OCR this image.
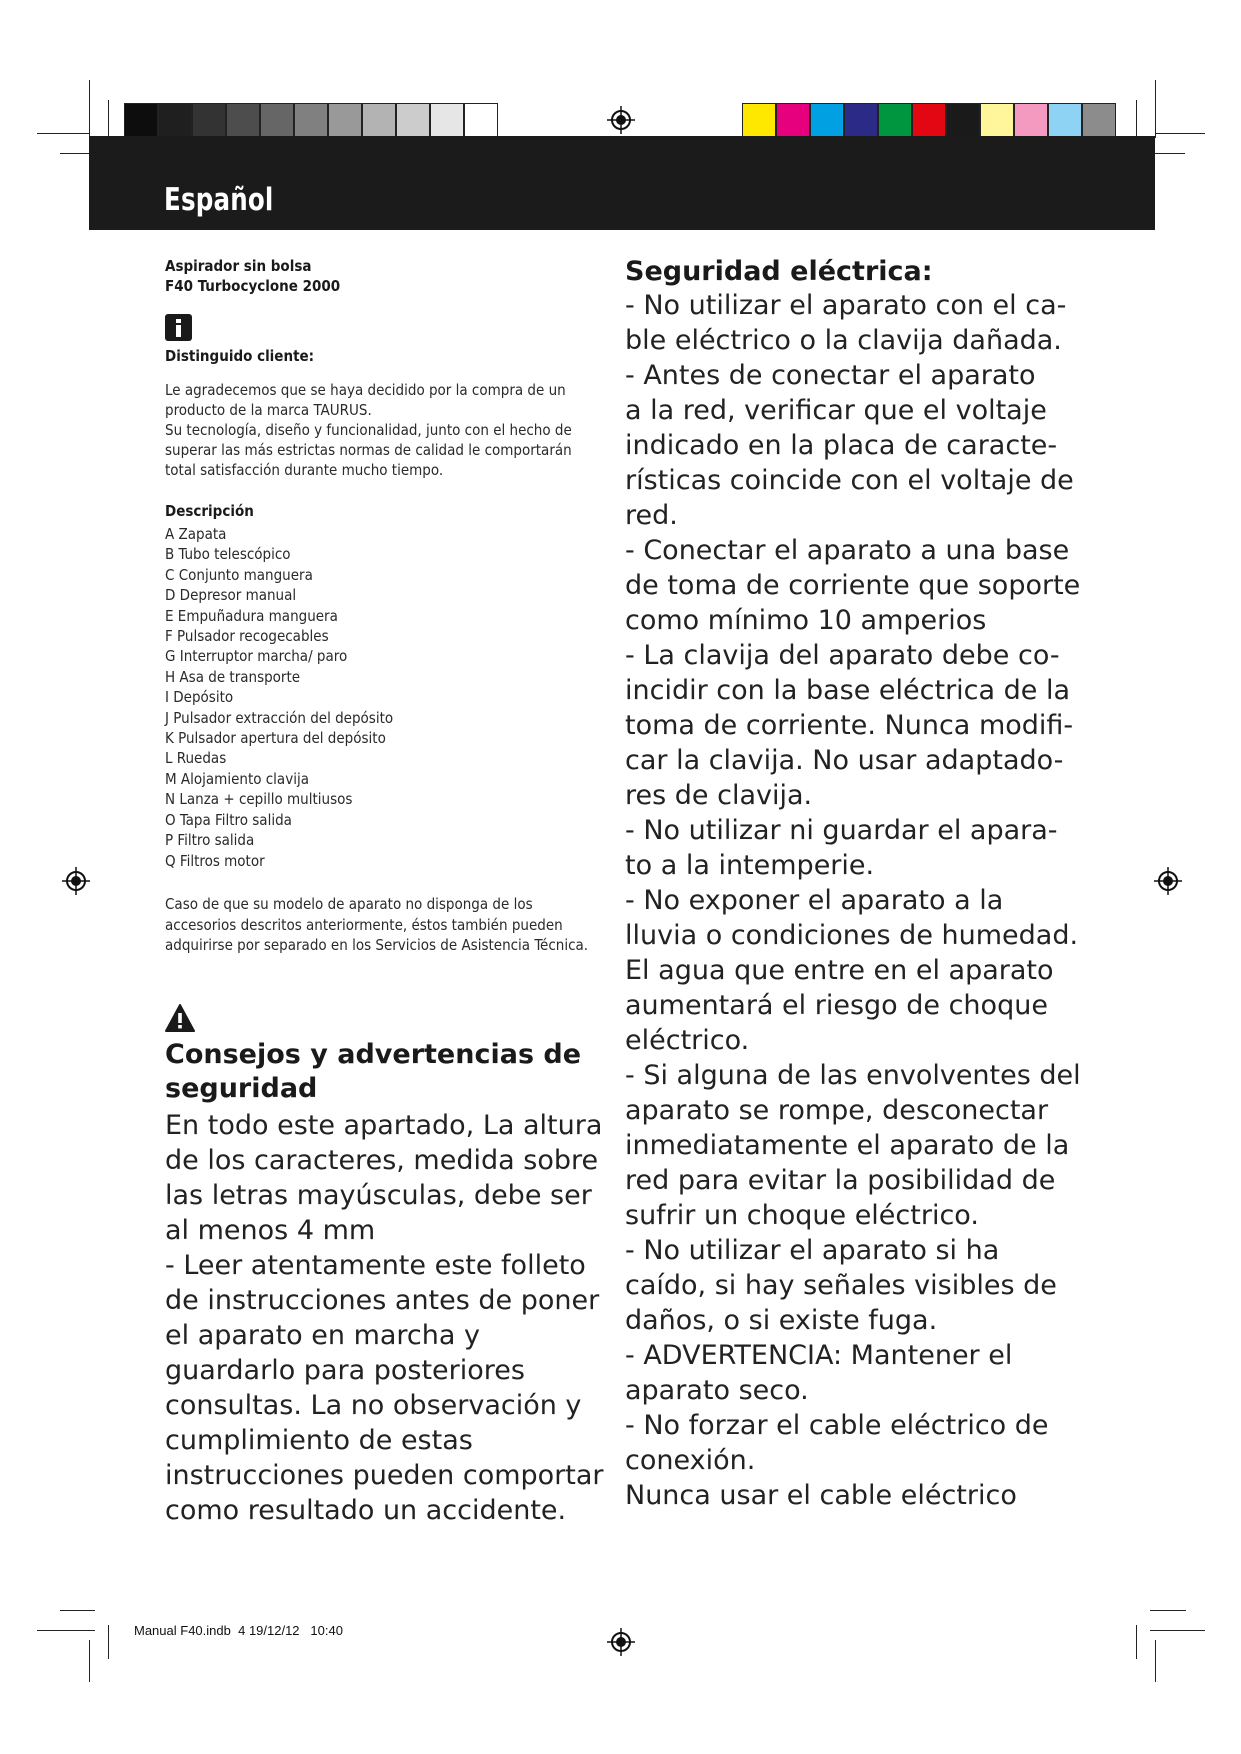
Español
Aspirador sin bolsa
F40 Turbocyclone 2000
Distinguido cliente:
Le agradecemos que se haya decidido por la compra de un producto de la marca TAURUS.
Su tecnología, diseño y funcionalidad, junto con el hecho de superar las más estrictas normas de calidad le comportarán total satisfacción durante mucho tiempo.
Descripción
A Zapata
B Tubo telescópico
C Conjunto manguera
D Depresor manual
E Empuñadura manguera
F Pulsador recogecables
G Interruptor marcha/ paro
H Asa de transporte
I Depósito
J Pulsador extracción del depósito
K Pulsador apertura del depósito
L Ruedas
M Alojamiento clavija
N Lanza + cepillo multiusos
O Tapa Filtro salida
P Filtro salida
Q Filtros motor
Caso de que su modelo de aparato no disponga de los accesorios descritos anteriormente, éstos también pueden adquirirse por separado en los Servicios de Asistencia Técnica.
Consejos y advertencias de seguridad
En todo este apartado, La altura de los caracteres, medida sobre las letras mayúsculas, debe ser al menos 4 mm
- Leer atentamente este folleto de instrucciones antes de poner el aparato en marcha y guardarlo para posteriores consultas. La no observación y cumplimiento de estas instrucciones pueden comportar como resultado un accidente.
Seguridad eléctrica:
- No utilizar el aparato con el ca-
ble eléctrico o la clavija dañada.
- Antes de conectar el aparato
a la red, verificar que el voltaje
indicado en la placa de caracte-
rísticas coincide con el voltaje de
red.
- Conectar el aparato a una base
de toma de corriente que soporte
como mínimo 10 amperios
- La clavija del aparato debe co-
incidir con la base eléctrica de la
toma de corriente. Nunca modifi-
car la clavija. No usar adaptado-
res de clavija.
- No utilizar ni guardar el apara-
to a la intemperie.
- No exponer el aparato a la
lluvia o condiciones de humedad.
El agua que entre en el aparato
aumentará el riesgo de choque
eléctrico.
- Si alguna de las envolventes del
aparato se rompe, desconectar
inmediatamente el aparato de la
red para evitar la posibilidad de
sufrir un choque eléctrico.
- No utilizar el aparato si ha
caído, si hay señales visibles de
daños, o si existe fuga.
- ADVERTENCIA: Mantener el
aparato seco.
- No forzar el cable eléctrico de
conexión.
Nunca usar el cable eléctrico
Manual F40.indb 4 19/12/12 10:40
